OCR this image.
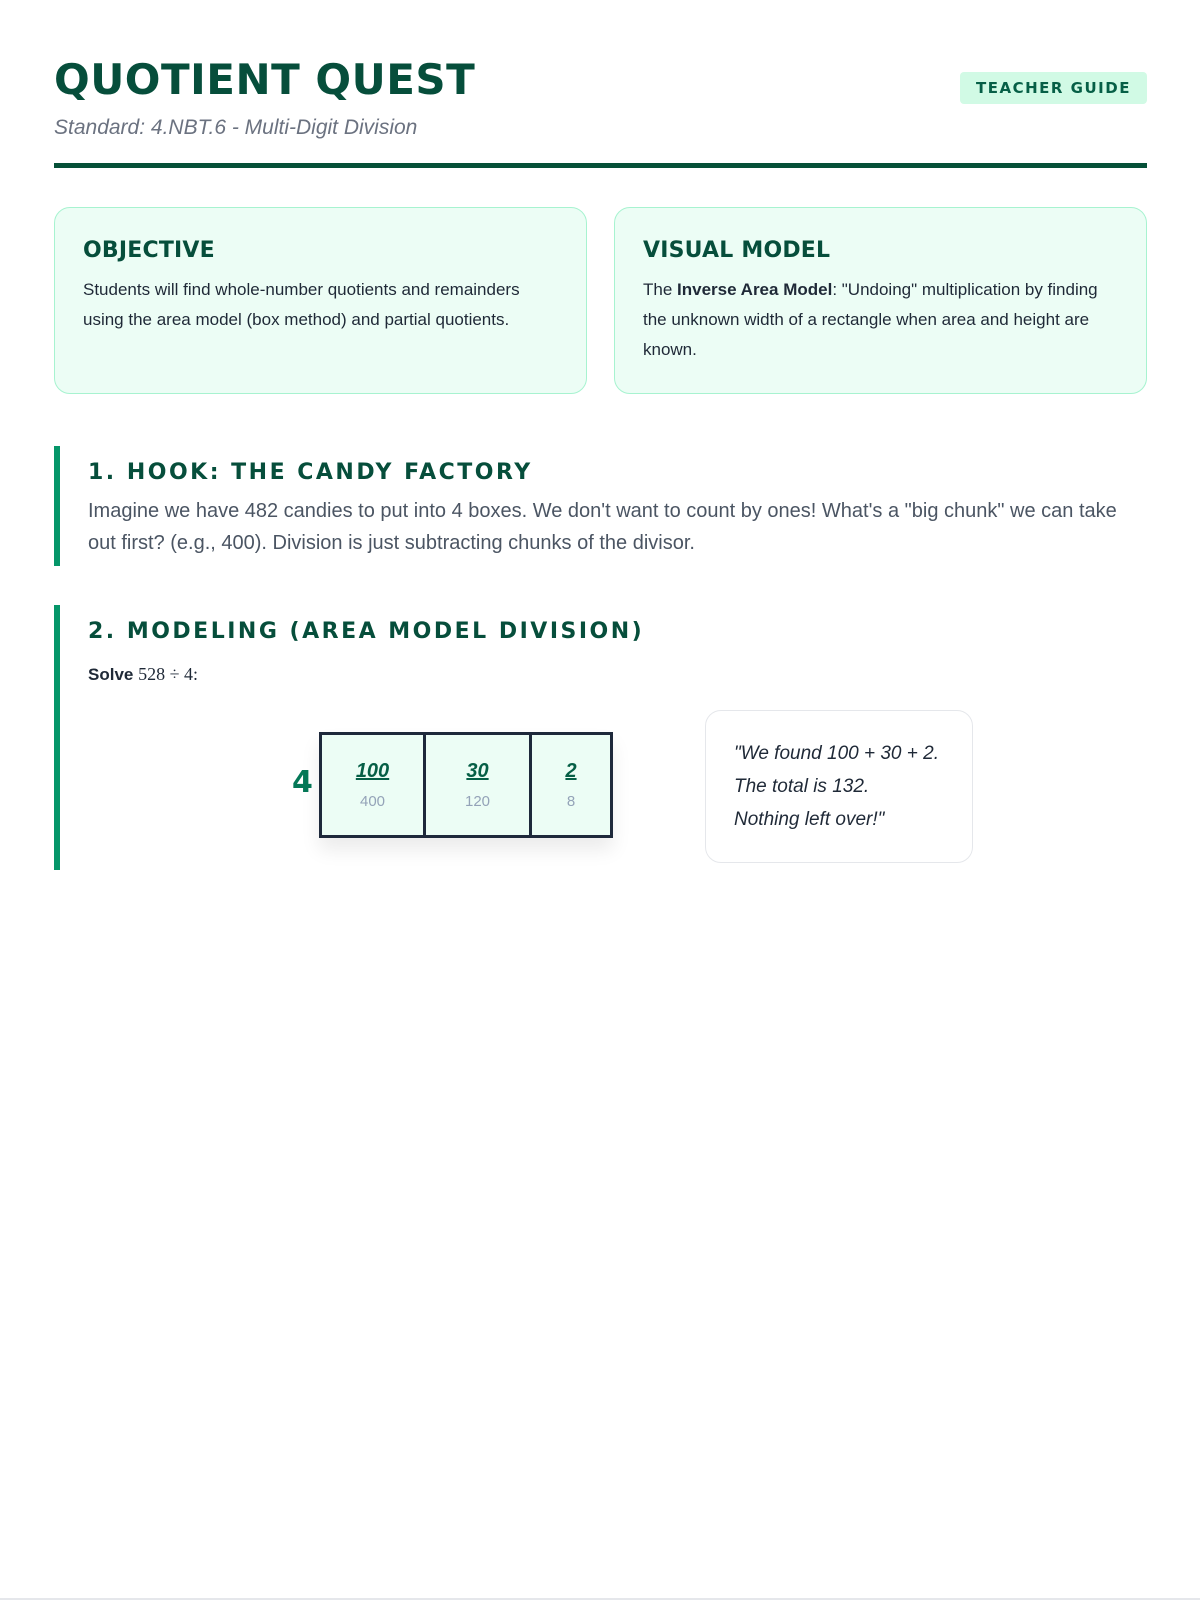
QUOTIENT QUEST
Standard: 4.NBT.6 - Multi-Digit Division
TEACHER GUIDE
OBJECTIVE

Students will find whole-number quotients and remainders using the area model (box method) and partial quotients.

VISUAL MODEL

The Inverse Area Model: "Undoing" multiplication by finding the unknown width of a rectangle when area and height are known.

1. HOOK: THE CANDY FACTORY

Imagine we have 482 candies to put into 4 boxes. We don't want to count by ones! What's a "big chunk" we can take out first? (e.g., 400). Division is just subtracting chunks of the divisor.

2. MODELING (AREA MODEL DIVISION)

Solve 528 ÷ 4:

4 100
400
30
120
2
8

"We found 100 + 30 + 2.

The total is 132.

Nothing left over!"
